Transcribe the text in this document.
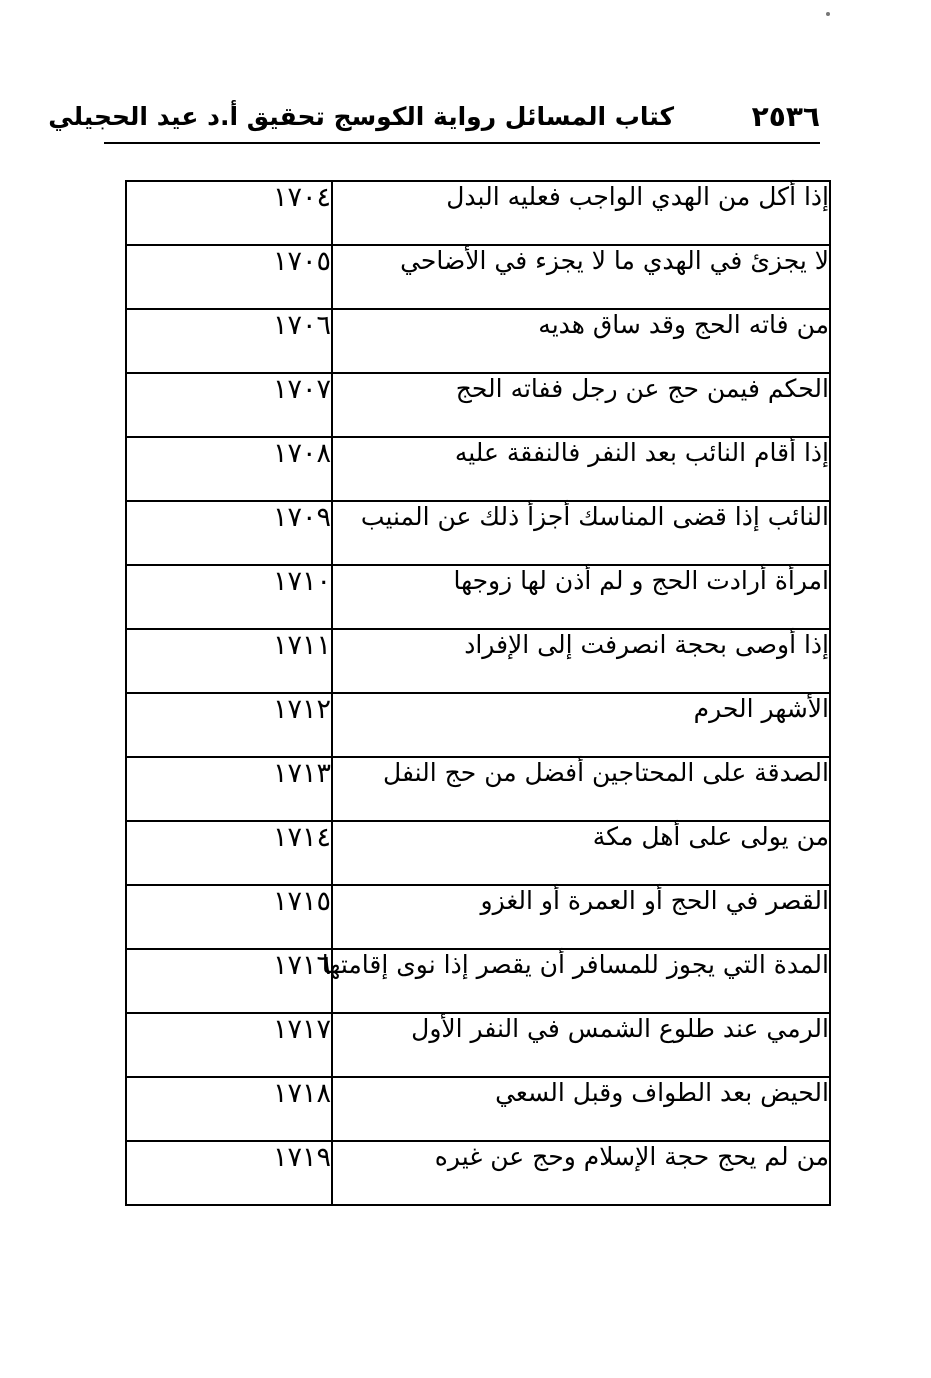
٢٥٣٦
كتاب المسائل رواية الكوسج تحقيق أ.د عيد الحجيلي
إذا أكل من الهدي الواجب فعليه البدل	١٧٠٤
لا يجزئ في الهدي ما لا يجزء في الأضاحي	١٧٠٥
من فاته الحج وقد ساق هديه	١٧٠٦
الحكم فيمن حج عن رجل ففاته الحج	١٧٠٧
إذا أقام النائب بعد النفر فالنفقة عليه	١٧٠٨
النائب إذا قضى المناسك أجزأ ذلك عن المنيب	١٧٠٩
امرأة أرادت الحج و لم أذن لها زوجها	١٧١٠
إذا أوصى بحجة انصرفت إلى الإفراد	١٧١١
الأشهر الحرم	١٧١٢
الصدقة على المحتاجين أفضل من حج النفل	١٧١٣
من يولى على أهل مكة	١٧١٤
القصر في الحج أو العمرة أو الغزو	١٧١٥
المدة التي يجوز للمسافر أن يقصر إذا نوى إقامتها	١٧١٦
الرمي عند طلوع الشمس في النفر الأول	١٧١٧
الحيض بعد الطواف وقبل السعي	١٧١٨
من لم يحج حجة الإسلام وحج عن غيره	١٧١٩
